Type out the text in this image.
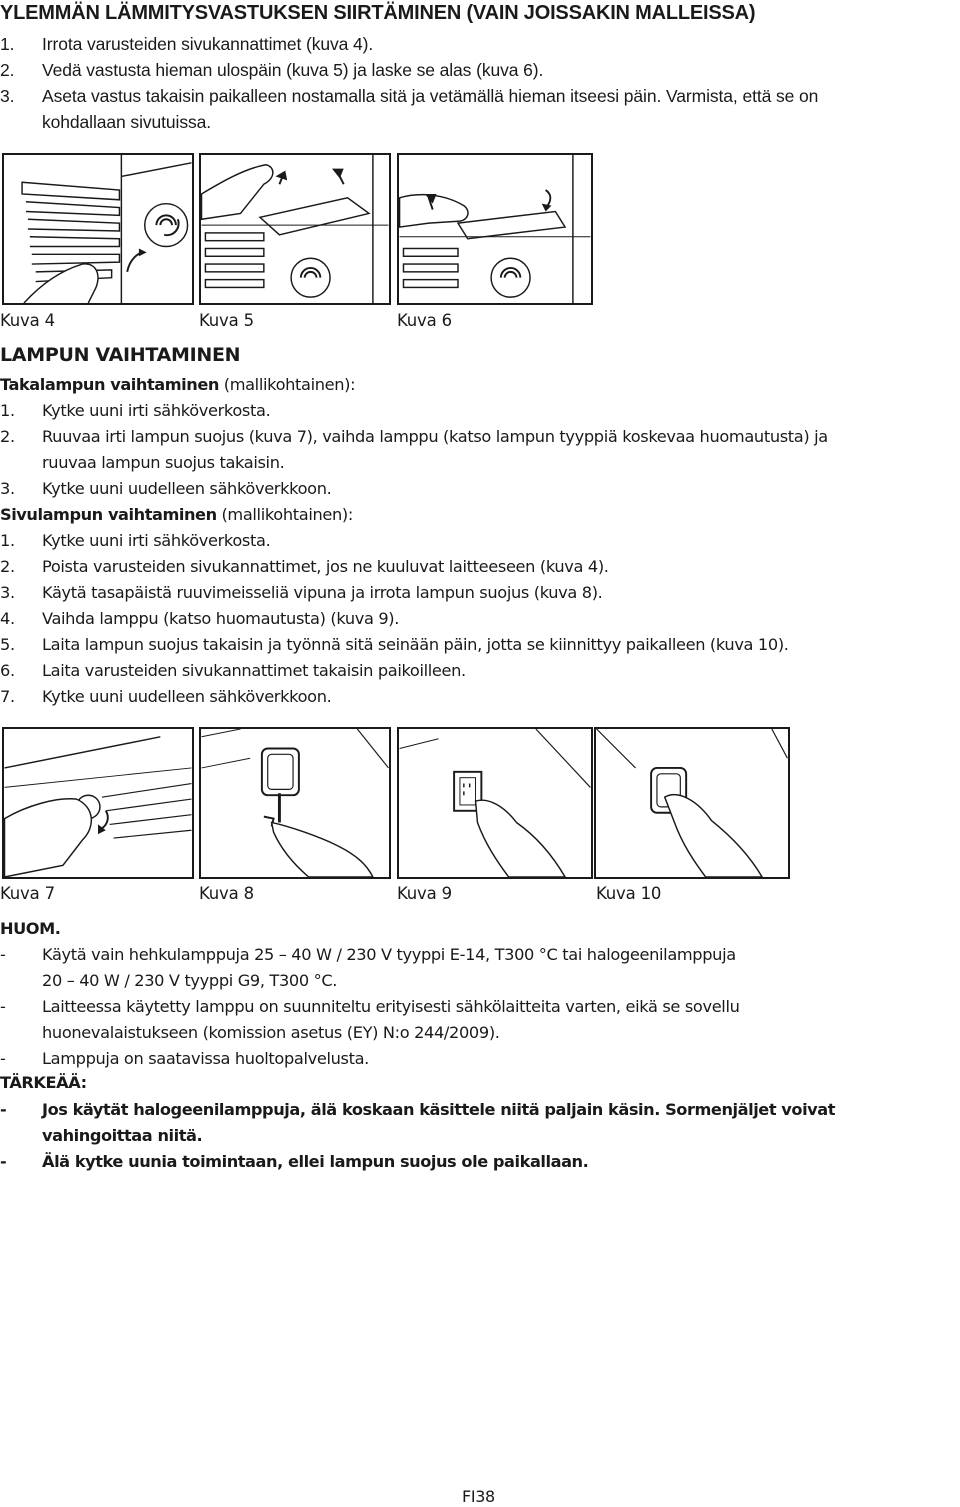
YLEMMÄN LÄMMITYSVASTUKSEN SIIRTÄMINEN (VAIN JOISSAKIN MALLEISSA)
1. Irrota varusteiden sivukannattimet (kuva 4).
2. Vedä vastusta hieman ulospäin (kuva 5) ja laske se alas (kuva 6).
3. Aseta vastus takaisin paikalleen nostamalla sitä ja vetämällä hieman itseesi päin. Varmista, että se on
kohdallaan sivutuissa.
Kuva 4	Kuva 5	Kuva 6
LAMPUN VAIHTAMINEN
Takalampun vaihtaminen (mallikohtainen):
1. Kytke uuni irti sähköverkosta.
2. Ruuvaa irti lampun suojus (kuva 7), vaihda lamppu (katso lampun tyyppiä koskevaa huomautusta) ja
ruuvaa lampun suojus takaisin.
3. Kytke uuni uudelleen sähköverkkoon.
Sivulampun vaihtaminen (mallikohtainen):
1. Kytke uuni irti sähköverkosta.
2. Poista varusteiden sivukannattimet, jos ne kuuluvat laitteeseen (kuva 4).
3. Käytä tasapäistä ruuvimeisseliä vipuna ja irrota lampun suojus (kuva 8).
4. Vaihda lamppu (katso huomautusta) (kuva 9).
5. Laita lampun suojus takaisin ja työnnä sitä seinään päin, jotta se kiinnittyy paikalleen (kuva 10).
6. Laita varusteiden sivukannattimet takaisin paikoilleen.
7. Kytke uuni uudelleen sähköverkkoon.
Kuva 7	Kuva 8	Kuva 9	Kuva 10
HUOM.
- Käytä vain hehkulamppuja 25 – 40 W / 230 V tyyppi E-14, T300 °C tai halogeenilamppuja
20 – 40 W / 230 V tyyppi G9, T300 °C.
- Laitteessa käytetty lamppu on suunniteltu erityisesti sähkölaitteita varten, eikä se sovellu
huonevalaistukseen (komission asetus (EY) N:o 244/2009).
- Lamppuja on saatavissa huoltopalvelusta.
TÄRKEÄÄ:
- Jos käytät halogeenilamppuja, älä koskaan käsittele niitä paljain käsin. Sormenjäljet voivat
vahingoittaa niitä.
- Älä kytke uunia toimintaan, ellei lampun suojus ole paikallaan.
FI38
